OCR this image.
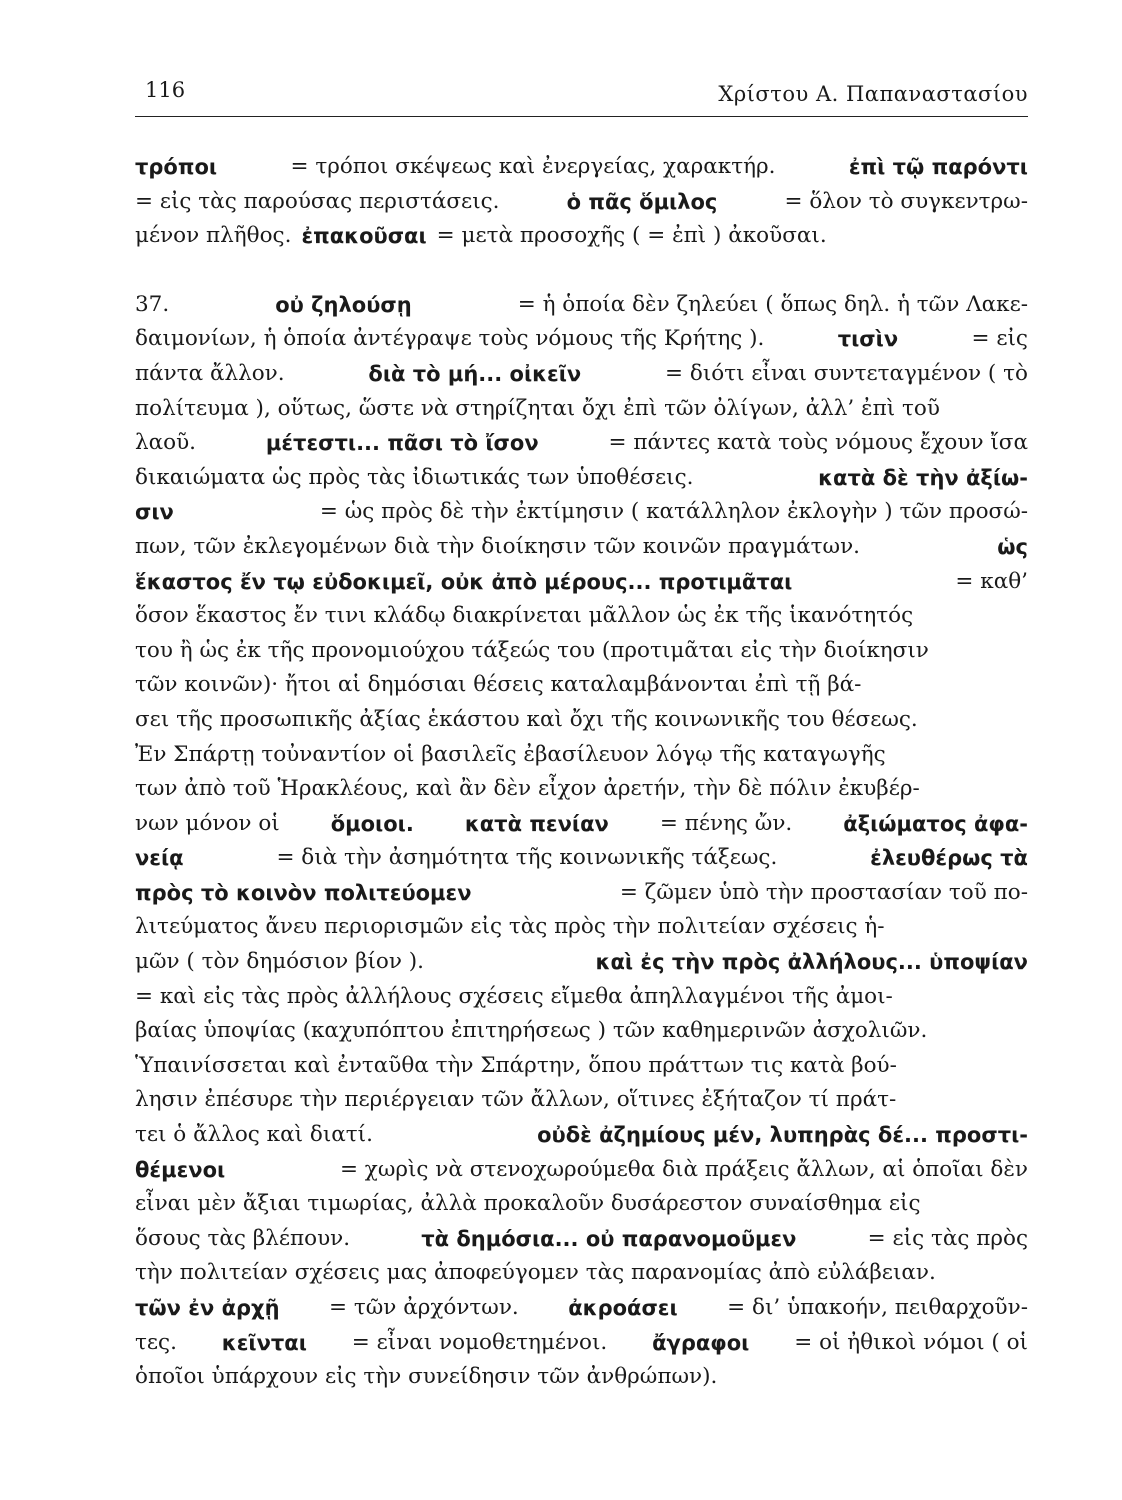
116	Χρίστου Α. Παπαναστασίου
τρόποι	= τρόποι σκέψεως καὶ ἐνεργείας, χαρακτήρ.	ἐπὶ τῷ παρόντι
= εἰς τὰς παρούσας περιστάσεις.	ὁ πᾶς ὅμιλος	= ὅλον τὸ συγκεντρω-
μένον πλῆθος. ἐπακοῦσαι = μετὰ προσοχῆς ( = ἐπὶ ) ἀκοῦσαι.
37.	οὐ ζηλούσῃ	= ἡ ὁποία δὲν ζηλεύει ( ὅπως δηλ. ἡ τῶν Λακε-
δαιμονίων, ἡ ὁποία ἀντέγραψε τοὺς νόμους τῆς Κρήτης ).	τισὶν	= εἰς
πάντα ἄλλον.	διὰ τὸ μή... οἰκεῖν	= διότι εἶναι συντεταγμένον ( τὸ
πολίτευμα ), οὕτως, ὥστε νὰ στηρίζηται ὄχι ἐπὶ τῶν ὀλίγων, ἀλλ’ ἐπὶ τοῦ
λαοῦ.	μέτεστι... πᾶσι τὸ ἴσον	= πάντες κατὰ τοὺς νόμους ἔχουν ἴσα
δικαιώματα ὡς πρὸς τὰς ἰδιωτικάς των ὑποθέσεις.	κατὰ δὲ τὴν ἀξίω-
σιν	= ὡς πρὸς δὲ τὴν ἐκτίμησιν ( κατάλληλον ἐκλογὴν ) τῶν προσώ-
πων, τῶν ἐκλεγομένων διὰ τὴν διοίκησιν τῶν κοινῶν πραγμάτων.	ὡς
ἕκαστος ἔν τῳ εὐδοκιμεῖ, οὐκ ἀπὸ μέρους... προτιμᾶται	= καθ’
ὅσον ἕκαστος ἔν τινι κλάδῳ διακρίνεται μᾶλλον ὡς ἐκ τῆς ἱκανότητός
του ἢ ὡς ἐκ τῆς προνομιούχου τάξεώς του (προτιμᾶται εἰς τὴν διοίκησιν
τῶν κοινῶν)· ἤτοι αἱ δημόσιαι θέσεις καταλαμβάνονται ἐπὶ τῇ βά-
σει τῆς προσωπικῆς ἀξίας ἑκάστου καὶ ὄχι τῆς κοινωνικῆς του θέσεως.
Ἐν Σπάρτῃ τοὐναντίον οἱ βασιλεῖς ἐβασίλευον λόγῳ τῆς καταγωγῆς
των ἀπὸ τοῦ Ἡρακλέους, καὶ ἂν δὲν εἶχον ἀρετήν, τὴν δὲ πόλιν ἐκυβέρ-
νων μόνον οἱ ὅμοιοι. κατὰ πενίαν = πένης ὤν. ἀξιώματος ἀφα-
νείᾳ	= διὰ τὴν ἀσημότητα τῆς κοινωνικῆς τάξεως.	ἐλευθέρως τὰ
πρὸς τὸ κοινὸν πολιτεύομεν	= ζῶμεν ὑπὸ τὴν προστασίαν τοῦ πο-
λιτεύματος ἄνευ περιορισμῶν εἰς τὰς πρὸς τὴν πολιτείαν σχέσεις ἡ-
μῶν ( τὸν δημόσιον βίον ).	καὶ ἐς τὴν πρὸς ἀλλήλους... ὑποψίαν
= καὶ εἰς τὰς πρὸς ἀλλήλους σχέσεις εἴμεθα ἀπηλλαγμένοι τῆς ἀμοι-
βαίας ὑποψίας (καχυπόπτου ἐπιτηρήσεως ) τῶν καθημερινῶν ἀσχολιῶν.
Ὑπαινίσσεται καὶ ἐνταῦθα τὴν Σπάρτην, ὅπου πράττων τις κατὰ βού-
λησιν ἐπέσυρε τὴν περιέργειαν τῶν ἄλλων, οἵτινες ἐξήταζον τί πράτ-
τει ὁ ἄλλος καὶ διατί.	οὐδὲ ἀζημίους μέν, λυπηρὰς δέ... προστι-
θέμενοι	= χωρὶς νὰ στενοχωρούμεθα διὰ πράξεις ἄλλων, αἱ ὁποῖαι δὲν
εἶναι μὲν ἄξιαι τιμωρίας, ἀλλὰ προκαλοῦν δυσάρεστον συναίσθημα εἰς
ὅσους τὰς βλέπουν.	τὰ δημόσια... οὐ παρανομοῦμεν	= εἰς τὰς πρὸς
τὴν πολιτείαν σχέσεις μας ἀποφεύγομεν τὰς παρανομίας ἀπὸ εὐλάβειαν.
τῶν ἐν ἀρχῇ = τῶν ἀρχόντων. ἀκροάσει = δι’ ὑπακοήν, πειθαρχοῦν-
τες. κεῖνται = εἶναι νομοθετημένοι. ἄγραφοι = οἱ ἠθικοὶ νόμοι ( οἱ
ὁποῖοι ὑπάρχουν εἰς τὴν συνείδησιν τῶν ἀνθρώπων).
